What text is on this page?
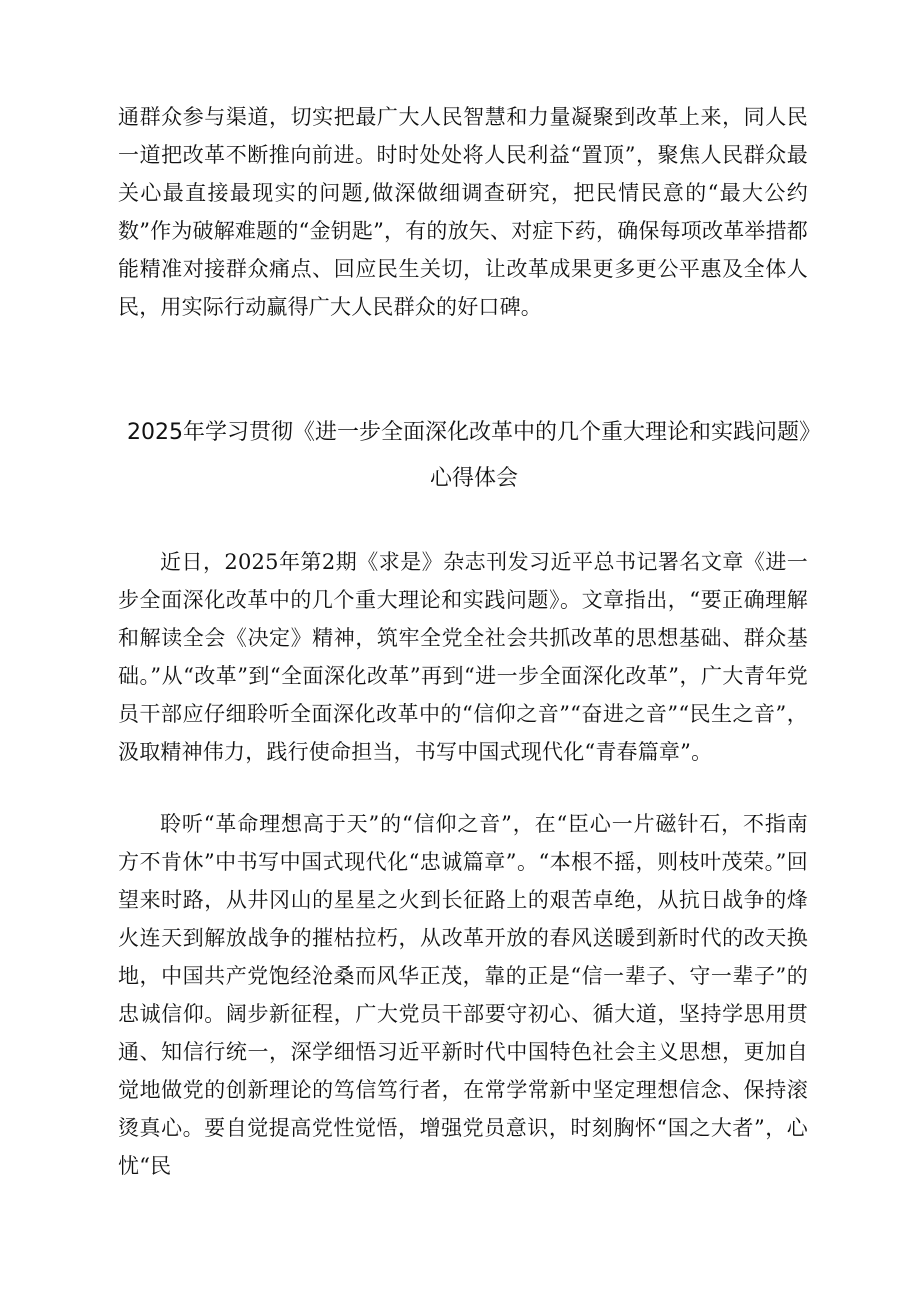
通群众参与渠道，切实把最广大人民智慧和力量凝聚到改革上来，同人民一道把改革不断推向前进。时时处处将人民利益“置顶”，聚焦人民群众最关心最直接最现实的问题,做深做细调查研究，把民情民意的“最大公约数”作为破解难题的“金钥匙”，有的放矢、对症下药，确保每项改革举措都能精准对接群众痛点、回应民生关切，让改革成果更多更公平惠及全体人民，用实际行动赢得广大人民群众的好口碑。
2025年学习贯彻《进一步全面深化改革中的几个重大理论和实践问题》心得体会
近日，2025年第2期《求是》杂志刊发习近平总书记署名文章《进一步全面深化改革中的几个重大理论和实践问题》。文章指出，“要正确理解和解读全会《决定》精神，筑牢全党全社会共抓改革的思想基础、群众基础。”从“改革”到“全面深化改革”再到“进一步全面深化改革”，广大青年党员干部应仔细聆听全面深化改革中的“信仰之音”“奋进之音”“民生之音”，汲取精神伟力，践行使命担当，书写中国式现代化“青春篇章”。
聆听“革命理想高于天”的“信仰之音”，在“臣心一片磁针石，不指南方不肯休”中书写中国式现代化“忠诚篇章”。“本根不摇，则枝叶茂荣。”回望来时路，从井冈山的星星之火到长征路上的艰苦卓绝，从抗日战争的烽火连天到解放战争的摧枯拉朽，从改革开放的春风送暖到新时代的改天换地，中国共产党饱经沧桑而风华正茂，靠的正是“信一辈子、守一辈子”的忠诚信仰。阔步新征程，广大党员干部要守初心、循大道，坚持学思用贯通、知信行统一，深学细悟习近平新时代中国特色社会主义思想，更加自觉地做党的创新理论的笃信笃行者，在常学常新中坚定理想信念、保持滚烫真心。要自觉提高党性觉悟，增强党员意识，时刻胸怀“国之大者”，心忧“民
